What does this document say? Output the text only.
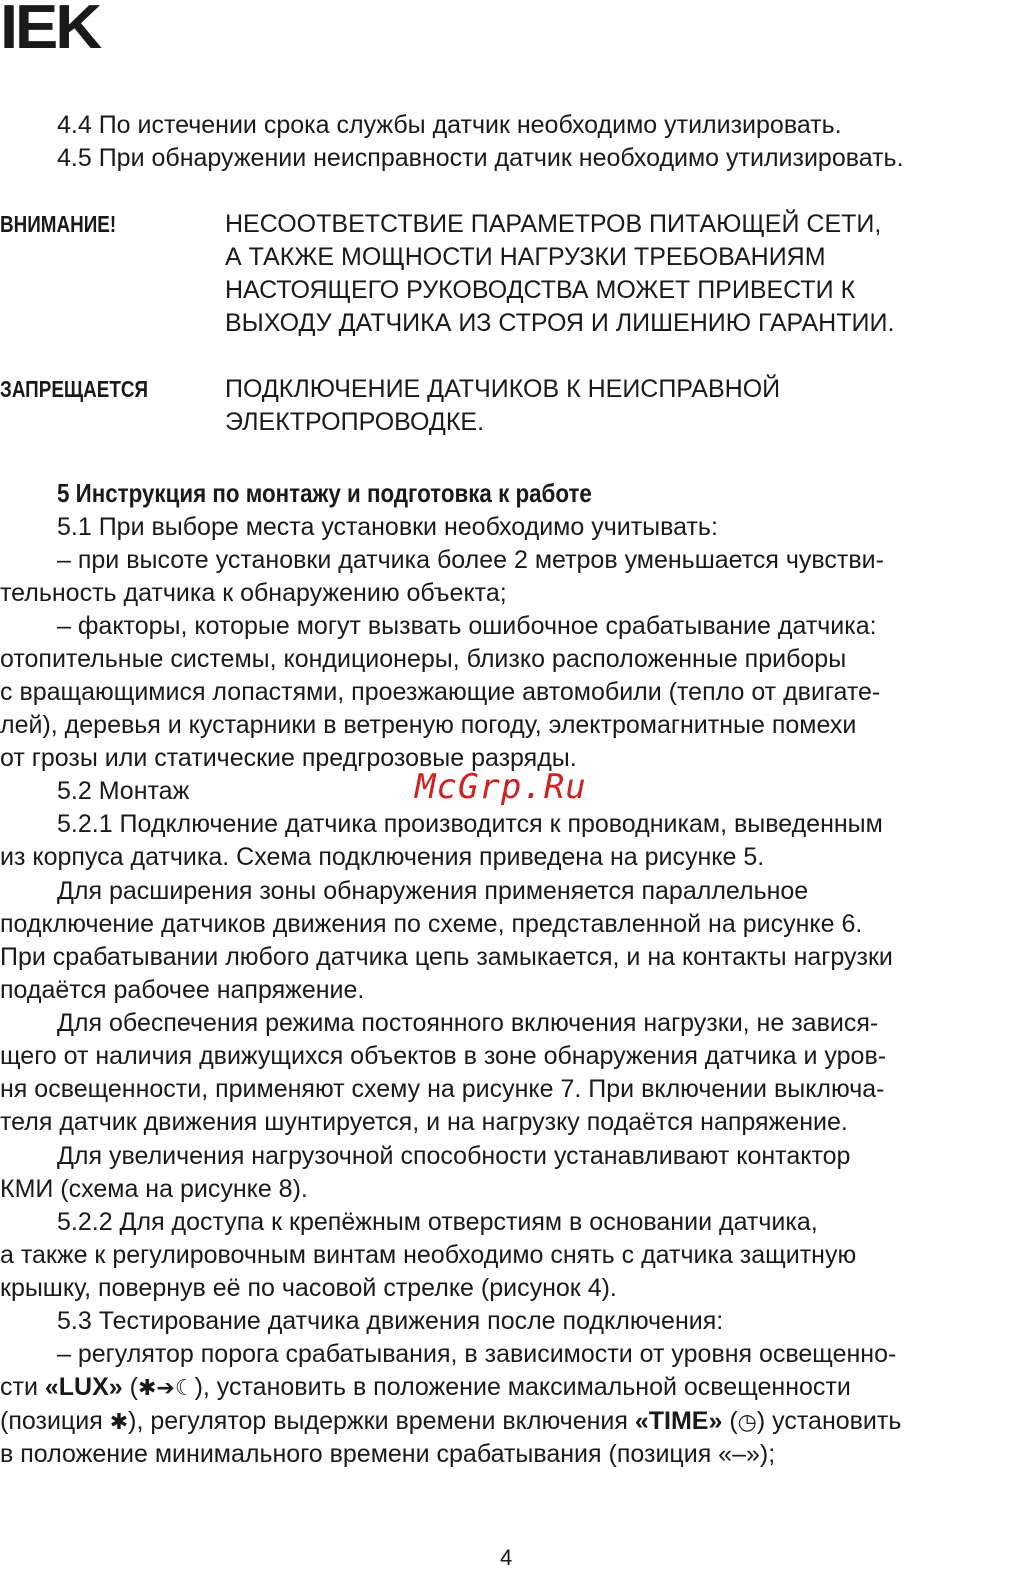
IEK
4.4 По истечении срока службы датчик необходимо утилизировать.
4.5 При обнаружении неисправности датчик необходимо утилизировать.
ВНИМАНИЕ!	НЕСООТВЕТСТВИЕ ПАРАМЕТРОВ ПИТАЮЩЕЙ СЕТИ,
А ТАКЖЕ МОЩНОСТИ НАГРУЗКИ ТРЕБОВАНИЯМ
НАСТОЯЩЕГО РУКОВОДСТВА МОЖЕТ ПРИВЕСТИ К
ВЫХОДУ ДАТЧИКА ИЗ СТРОЯ И ЛИШЕНИЮ ГАРАНТИИ.
ЗАПРЕЩАЕТСЯ	ПОДКЛЮЧЕНИЕ ДАТЧИКОВ К НЕИСПРАВНОЙ
ЭЛЕКТРОПРОВОДКЕ.
5 Инструкция по монтажу и подготовка к работе
5.1 При выборе места установки необходимо учитывать:
– при высоте установки датчика более 2 метров уменьшается чувстви-
тельность датчика к обнаружению объекта;
– факторы, которые могут вызвать ошибочное срабатывание датчика:
отопительные системы, кондиционеры, близко расположенные приборы
с вращающимися лопастями, проезжающие автомобили (тепло от двигате-
лей), деревья и кустарники в ветреную погоду, электромагнитные помехи
от грозы или статические предгрозовые разряды.
5.2 Монтаж
5.2.1 Подключение датчика производится к проводникам, выведенным
из корпуса датчика. Схема подключения приведена на рисунке 5.
Для расширения зоны обнаружения применяется параллельное
подключение датчиков движения по схеме, представленной на рисунке 6.
При срабатывании любого датчика цепь замыкается, и на контакты нагрузки
подаётся рабочее напряжение.
Для обеспечения режима постоянного включения нагрузки, не завися-
щего от наличия движущихся объектов в зоне обнаружения датчика и уров-
ня освещенности, применяют схему на рисунке 7. При включении выключа-
теля датчик движения шунтируется, и на нагрузку подаётся напряжение.
Для увеличения нагрузочной способности устанавливают контактор
КМИ (схема на рисунке 8).
5.2.2 Для доступа к крепёжным отверстиям в основании датчика,
а также к регулировочным винтам необходимо снять с датчика защитную
крышку, повернув её по часовой стрелке (рисунок 4).
5.3 Тестирование датчика движения после подключения:
– регулятор порога срабатывания, в зависимости от уровня освещенно-
сти «LUX» (✱➔☾), установить в положение максимальной освещенности
(позиция ✱), регулятор выдержки времени включения «TIME» (◷) установить
в положение минимального времени срабатывания (позиция «–»);
McGrp.Ru
4
